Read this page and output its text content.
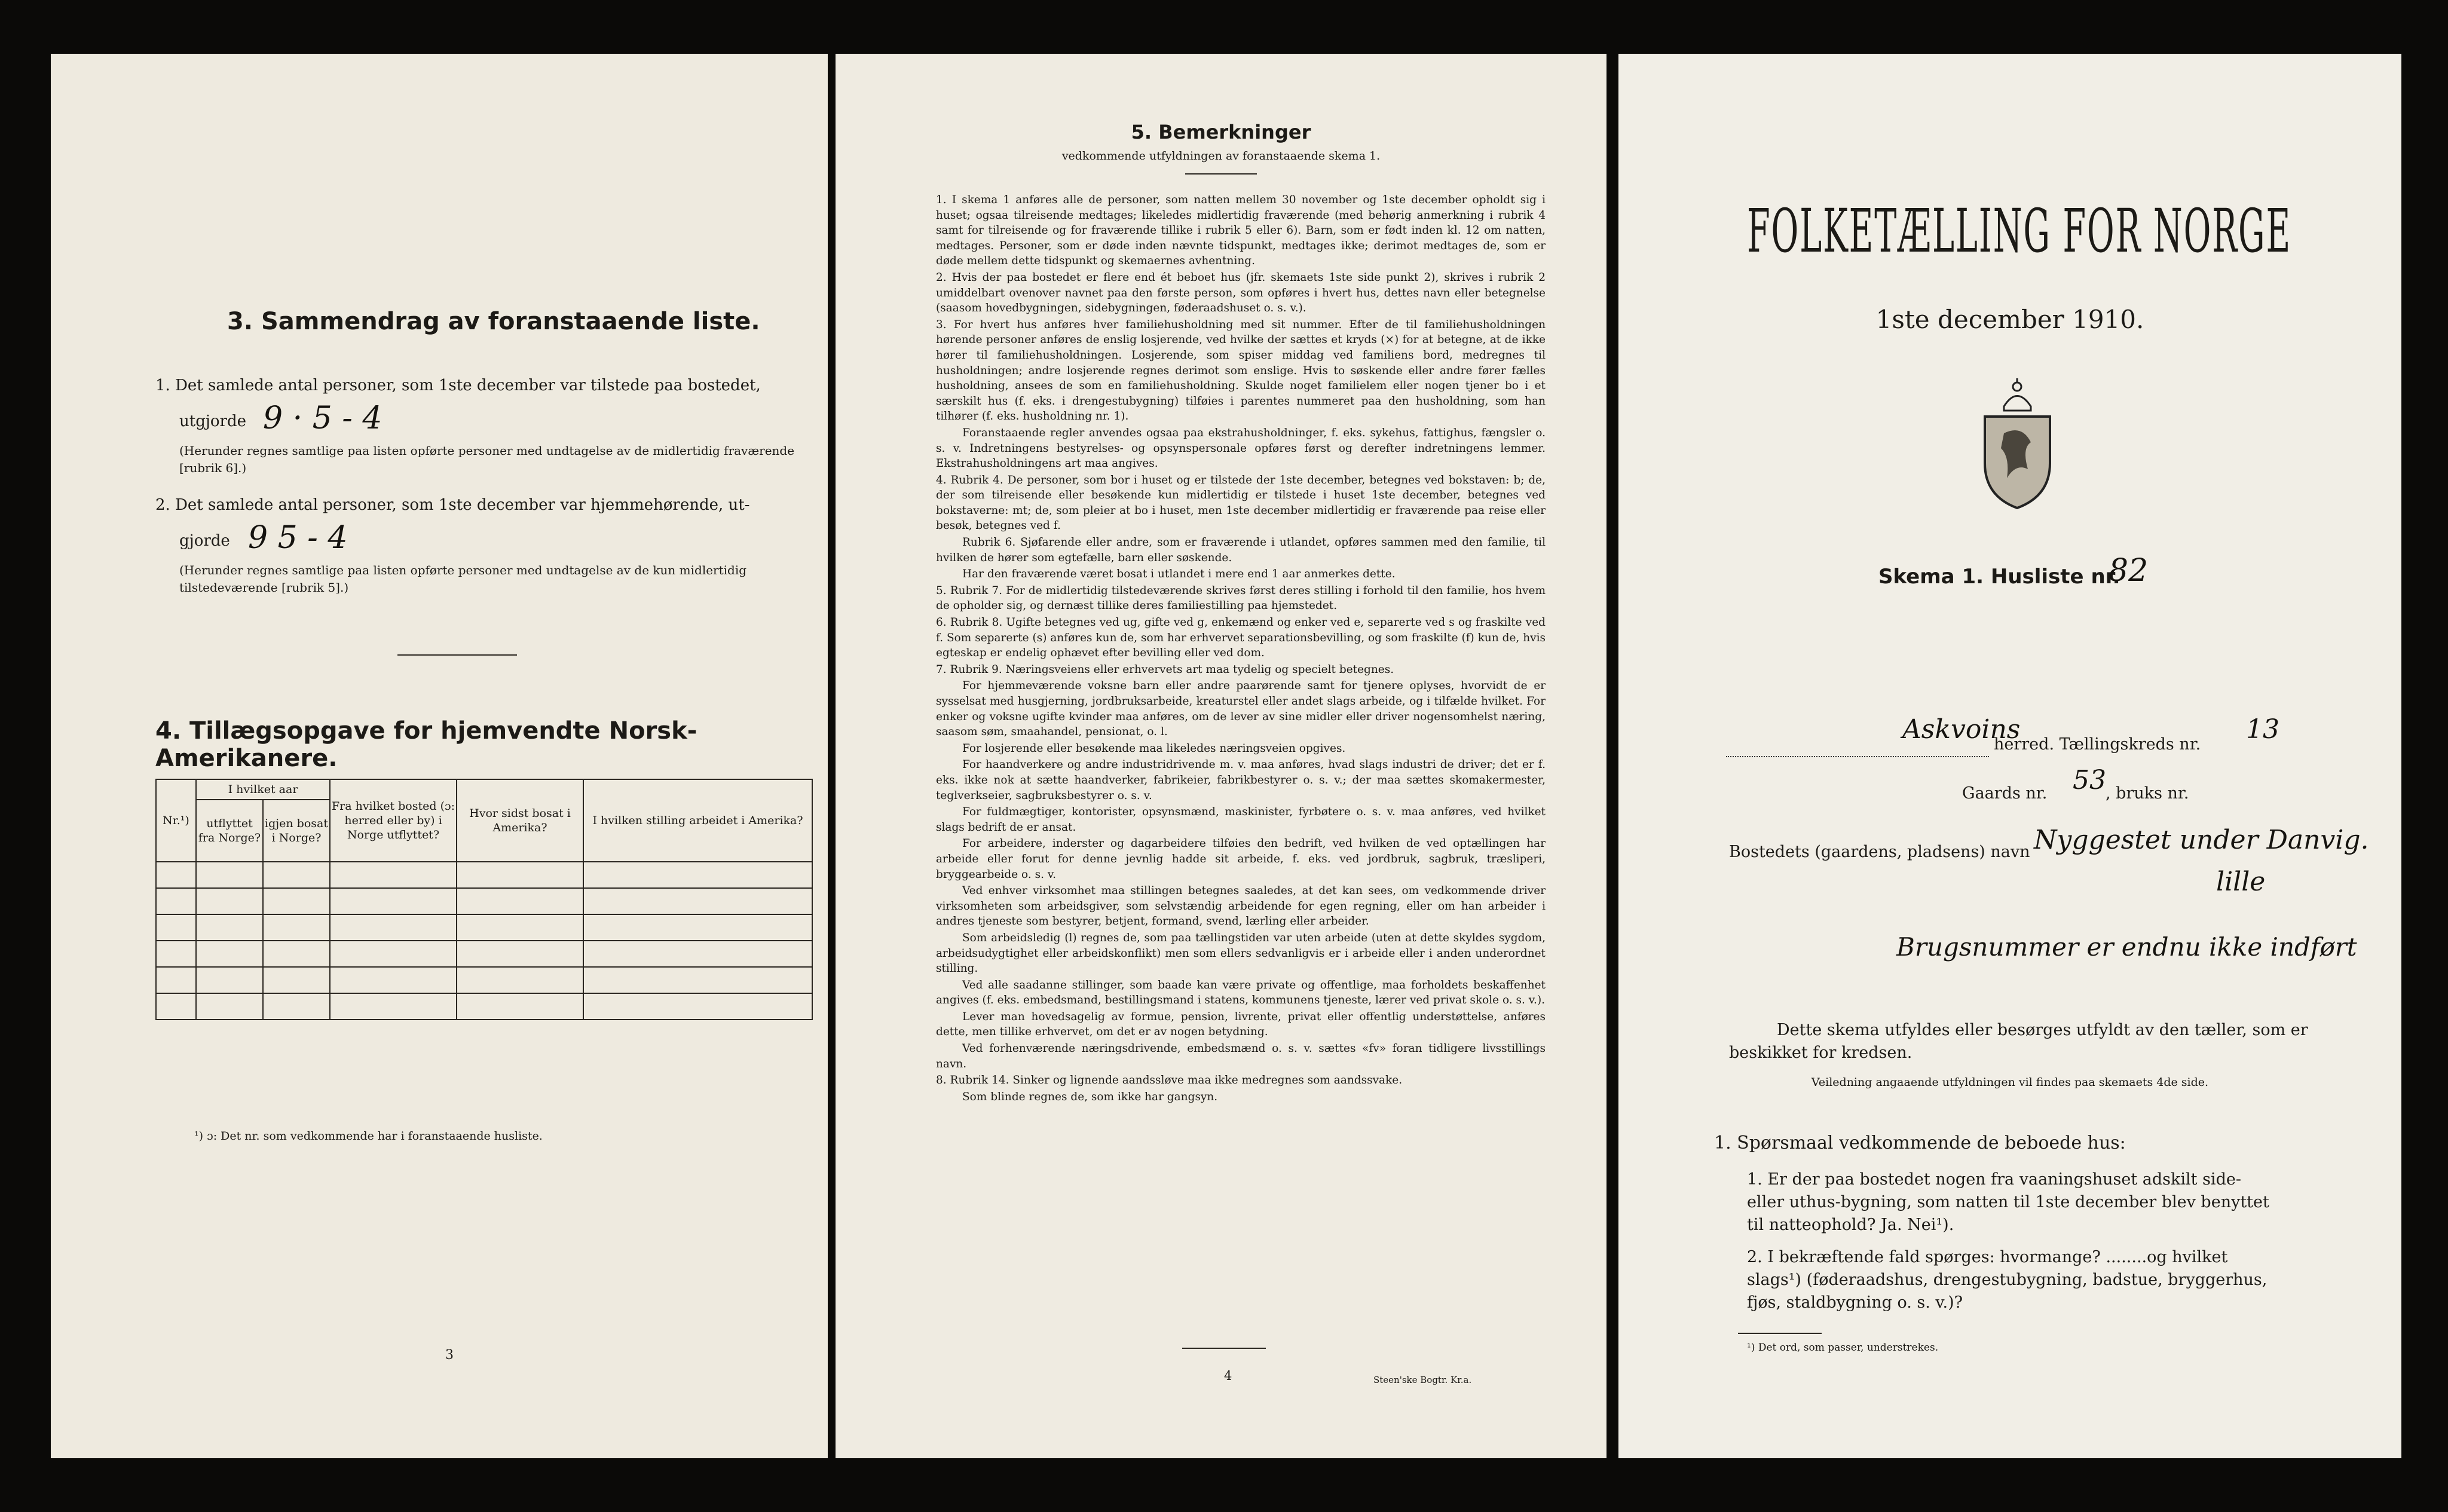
3. Sammendrag av foranstaaende liste.
1. Det samlede antal personer, som 1ste december var tilstede paa bostedet,
utgjorde 9 · 5 - 4
(Herunder regnes samtlige paa listen opførte personer med undtagelse av de midlertidig fraværende [rubrik 6].)
2. Det samlede antal personer, som 1ste december var hjemmehørende, ut-
gjorde 9 5 - 4
(Herunder regnes samtlige paa listen opførte personer med undtagelse av de kun midlertidig tilstedeværende [rubrik 5].)
4. Tillægsopgave for hjemvendte Norsk-Amerikanere.
Nr.¹)	I hvilket aar		Fra hvilket bosted (ɔ: herred eller by) i Norge utflyttet?	Hvor sidst bosat i Amerika?	I hvilken stilling arbeidet i Amerika?
	utflyttet fra Norge?	igjen bosat i Norge?			

¹) ɔ: Det nr. som vedkommende har i foranstaaende husliste.
3
5. Bemerkninger
vedkommende utfyldningen av foranstaaende skema 1.

1. I skema 1 anføres alle de personer, som natten mellem 30 november og 1ste december opholdt sig i huset; ogsaa tilreisende medtages; likeledes midlertidig fraværende (med behørig anmerkning i rubrik 4 samt for tilreisende og for fraværende tillike i rubrik 5 eller 6). Barn, som er født inden kl. 12 om natten, medtages. Personer, som er døde inden nævnte tidspunkt, medtages ikke; derimot medtages de, som er døde mellem dette tidspunkt og skemaernes avhentning.

2. Hvis der paa bostedet er flere end ét beboet hus (jfr. skemaets 1ste side punkt 2), skrives i rubrik 2 umiddelbart ovenover navnet paa den første person, som opføres i hvert hus, dettes navn eller betegnelse (saasom hovedbygningen, sidebygningen, føderaadshuset o. s. v.).

3. For hvert hus anføres hver familiehusholdning med sit nummer. Efter de til familiehusholdningen hørende personer anføres de enslig losjerende, ved hvilke der sættes et kryds (×) for at betegne, at de ikke hører til familiehusholdningen. Losjerende, som spiser middag ved familiens bord, medregnes til husholdningen; andre losjerende regnes derimot som enslige. Hvis to søskende eller andre fører fælles husholdning, ansees de som en familiehusholdning. Skulde noget familielem eller nogen tjener bo i et særskilt hus (f. eks. i drengestubygning) tilføies i parentes nummeret paa den husholdning, som han tilhører (f. eks. husholdning nr. 1).

Foranstaaende regler anvendes ogsaa paa ekstrahusholdninger, f. eks. sykehus, fattighus, fængsler o. s. v. Indretningens bestyrelses- og opsynspersonale opføres først og derefter indretningens lemmer. Ekstrahusholdningens art maa angives.

4. Rubrik 4. De personer, som bor i huset og er tilstede der 1ste december, betegnes ved bokstaven: b; de, der som tilreisende eller besøkende kun midlertidig er tilstede i huset 1ste december, betegnes ved bokstaverne: mt; de, som pleier at bo i huset, men 1ste december midlertidig er fraværende paa reise eller besøk, betegnes ved f.

Rubrik 6. Sjøfarende eller andre, som er fraværende i utlandet, opføres sammen med den familie, til hvilken de hører som egtefælle, barn eller søskende.

Har den fraværende været bosat i utlandet i mere end 1 aar anmerkes dette.

5. Rubrik 7. For de midlertidig tilstedeværende skrives først deres stilling i forhold til den familie, hos hvem de opholder sig, og dernæst tillike deres familiestilling paa hjemstedet.

6. Rubrik 8. Ugifte betegnes ved ug, gifte ved g, enkemænd og enker ved e, separerte ved s og fraskilte ved f. Som separerte (s) anføres kun de, som har erhvervet separationsbevilling, og som fraskilte (f) kun de, hvis egteskap er endelig ophævet efter bevilling eller ved dom.

7. Rubrik 9. Næringsveiens eller erhvervets art maa tydelig og specielt betegnes.

For hjemmeværende voksne barn eller andre paarørende samt for tjenere oplyses, hvorvidt de er sysselsat med husgjerning, jordbruksarbeide, kreaturstel eller andet slags arbeide, og i tilfælde hvilket. For enker og voksne ugifte kvinder maa anføres, om de lever av sine midler eller driver nogensomhelst næring, saasom søm, smaahandel, pensionat, o. l.

For losjerende eller besøkende maa likeledes næringsveien opgives.

For haandverkere og andre industridrivende m. v. maa anføres, hvad slags industri de driver; det er f. eks. ikke nok at sætte haandverker, fabrikeier, fabrikbestyrer o. s. v.; der maa sættes skomakermester, teglverkseier, sagbruksbestyrer o. s. v.

For fuldmægtiger, kontorister, opsynsmænd, maskinister, fyrbøtere o. s. v. maa anføres, ved hvilket slags bedrift de er ansat.

For arbeidere, inderster og dagarbeidere tilføies den bedrift, ved hvilken de ved optællingen har arbeide eller forut for denne jevnlig hadde sit arbeide, f. eks. ved jordbruk, sagbruk, træsliperi, bryggearbeide o. s. v.

Ved enhver virksomhet maa stillingen betegnes saaledes, at det kan sees, om vedkommende driver virksomheten som arbeidsgiver, som selvstændig arbeidende for egen regning, eller om han arbeider i andres tjeneste som bestyrer, betjent, formand, svend, lærling eller arbeider.

Som arbeidsledig (l) regnes de, som paa tællingstiden var uten arbeide (uten at dette skyldes sygdom, arbeidsudygtighet eller arbeidskonflikt) men som ellers sedvanligvis er i arbeide eller i anden underordnet stilling.

Ved alle saadanne stillinger, som baade kan være private og offentlige, maa forholdets beskaffenhet angives (f. eks. embedsmand, bestillingsmand i statens, kommunens tjeneste, lærer ved privat skole o. s. v.).

Lever man hovedsagelig av formue, pension, livrente, privat eller offentlig understøttelse, anføres dette, men tillike erhvervet, om det er av nogen betydning.

Ved forhenværende næringsdrivende, embedsmænd o. s. v. sættes «fv» foran tidligere livsstillings navn.

8. Rubrik 14. Sinker og lignende aandssløve maa ikke medregnes som aandssvake.

Som blinde regnes de, som ikke har gangsyn.

4	Steen'ske Bogtr. Kr.a.
FOLKETÆLLING FOR NORGE
1ste december 1910.
Skema 1. Husliste nr.
82
Askvoins
herred. Tællingskreds nr. 13
Gaards nr. 53 , bruks nr.
Bostedets (gaardens, pladsens) navn Nyggestet under Danvig.
lille
Brugsnummer er endnu ikke indført
Dette skema utfyldes eller besørges utfyldt av den tæller, som er beskikket for kredsen.
Veiledning angaaende utfyldningen vil findes paa skemaets 4de side.
1. Spørsmaal vedkommende de beboede hus:
1. Er der paa bostedet nogen fra vaaningshuset adskilt side- eller uthus-bygning, som natten til 1ste december blev benyttet til natteophold? Ja. Nei¹).
2. I bekræftende fald spørges: hvormange? ........og hvilket slags¹) (føderaadshus, drengestubygning, badstue, bryggerhus, fjøs, staldbygning o. s. v.)?
¹) Det ord, som passer, understrekes.
